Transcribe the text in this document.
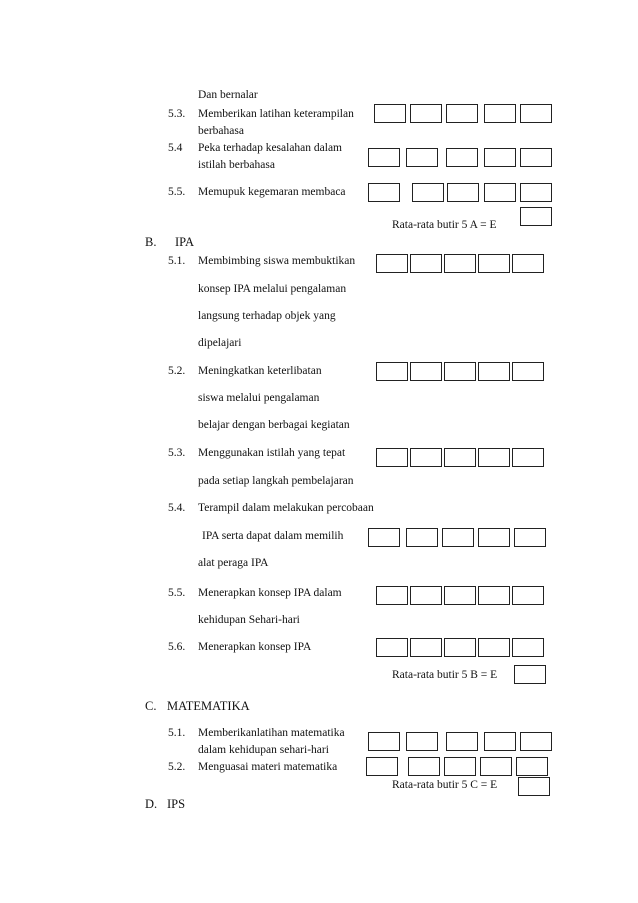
Dan bernalar
5.3. Memberikan latihan keterampilan
berbahasa
5.4 Peka terhadap kesalahan dalam
istilah berbahasa
5.5. Memupuk kegemaran membaca
Rata-rata butir 5 A = E
B. IPA
5.1. Membimbing siswa membuktikan
konsep IPA melalui pengalaman
langsung terhadap objek yang
dipelajari
5.2. Meningkatkan keterlibatan
siswa melalui pengalaman
belajar dengan berbagai kegiatan
5.3. Menggunakan istilah yang tepat
pada setiap langkah pembelajaran
5.4. Terampil dalam melakukan percobaan
IPA serta dapat dalam memilih
alat peraga IPA
5.5. Menerapkan konsep IPA dalam
kehidupan Sehari-hari
5.6. Menerapkan konsep IPA
Rata-rata butir 5 B = E
C. MATEMATIKA
5.1. Memberikanlatihan matematika
dalam kehidupan sehari-hari
5.2. Menguasai materi matematika
Rata-rata butir 5 C = E
D. IPS
